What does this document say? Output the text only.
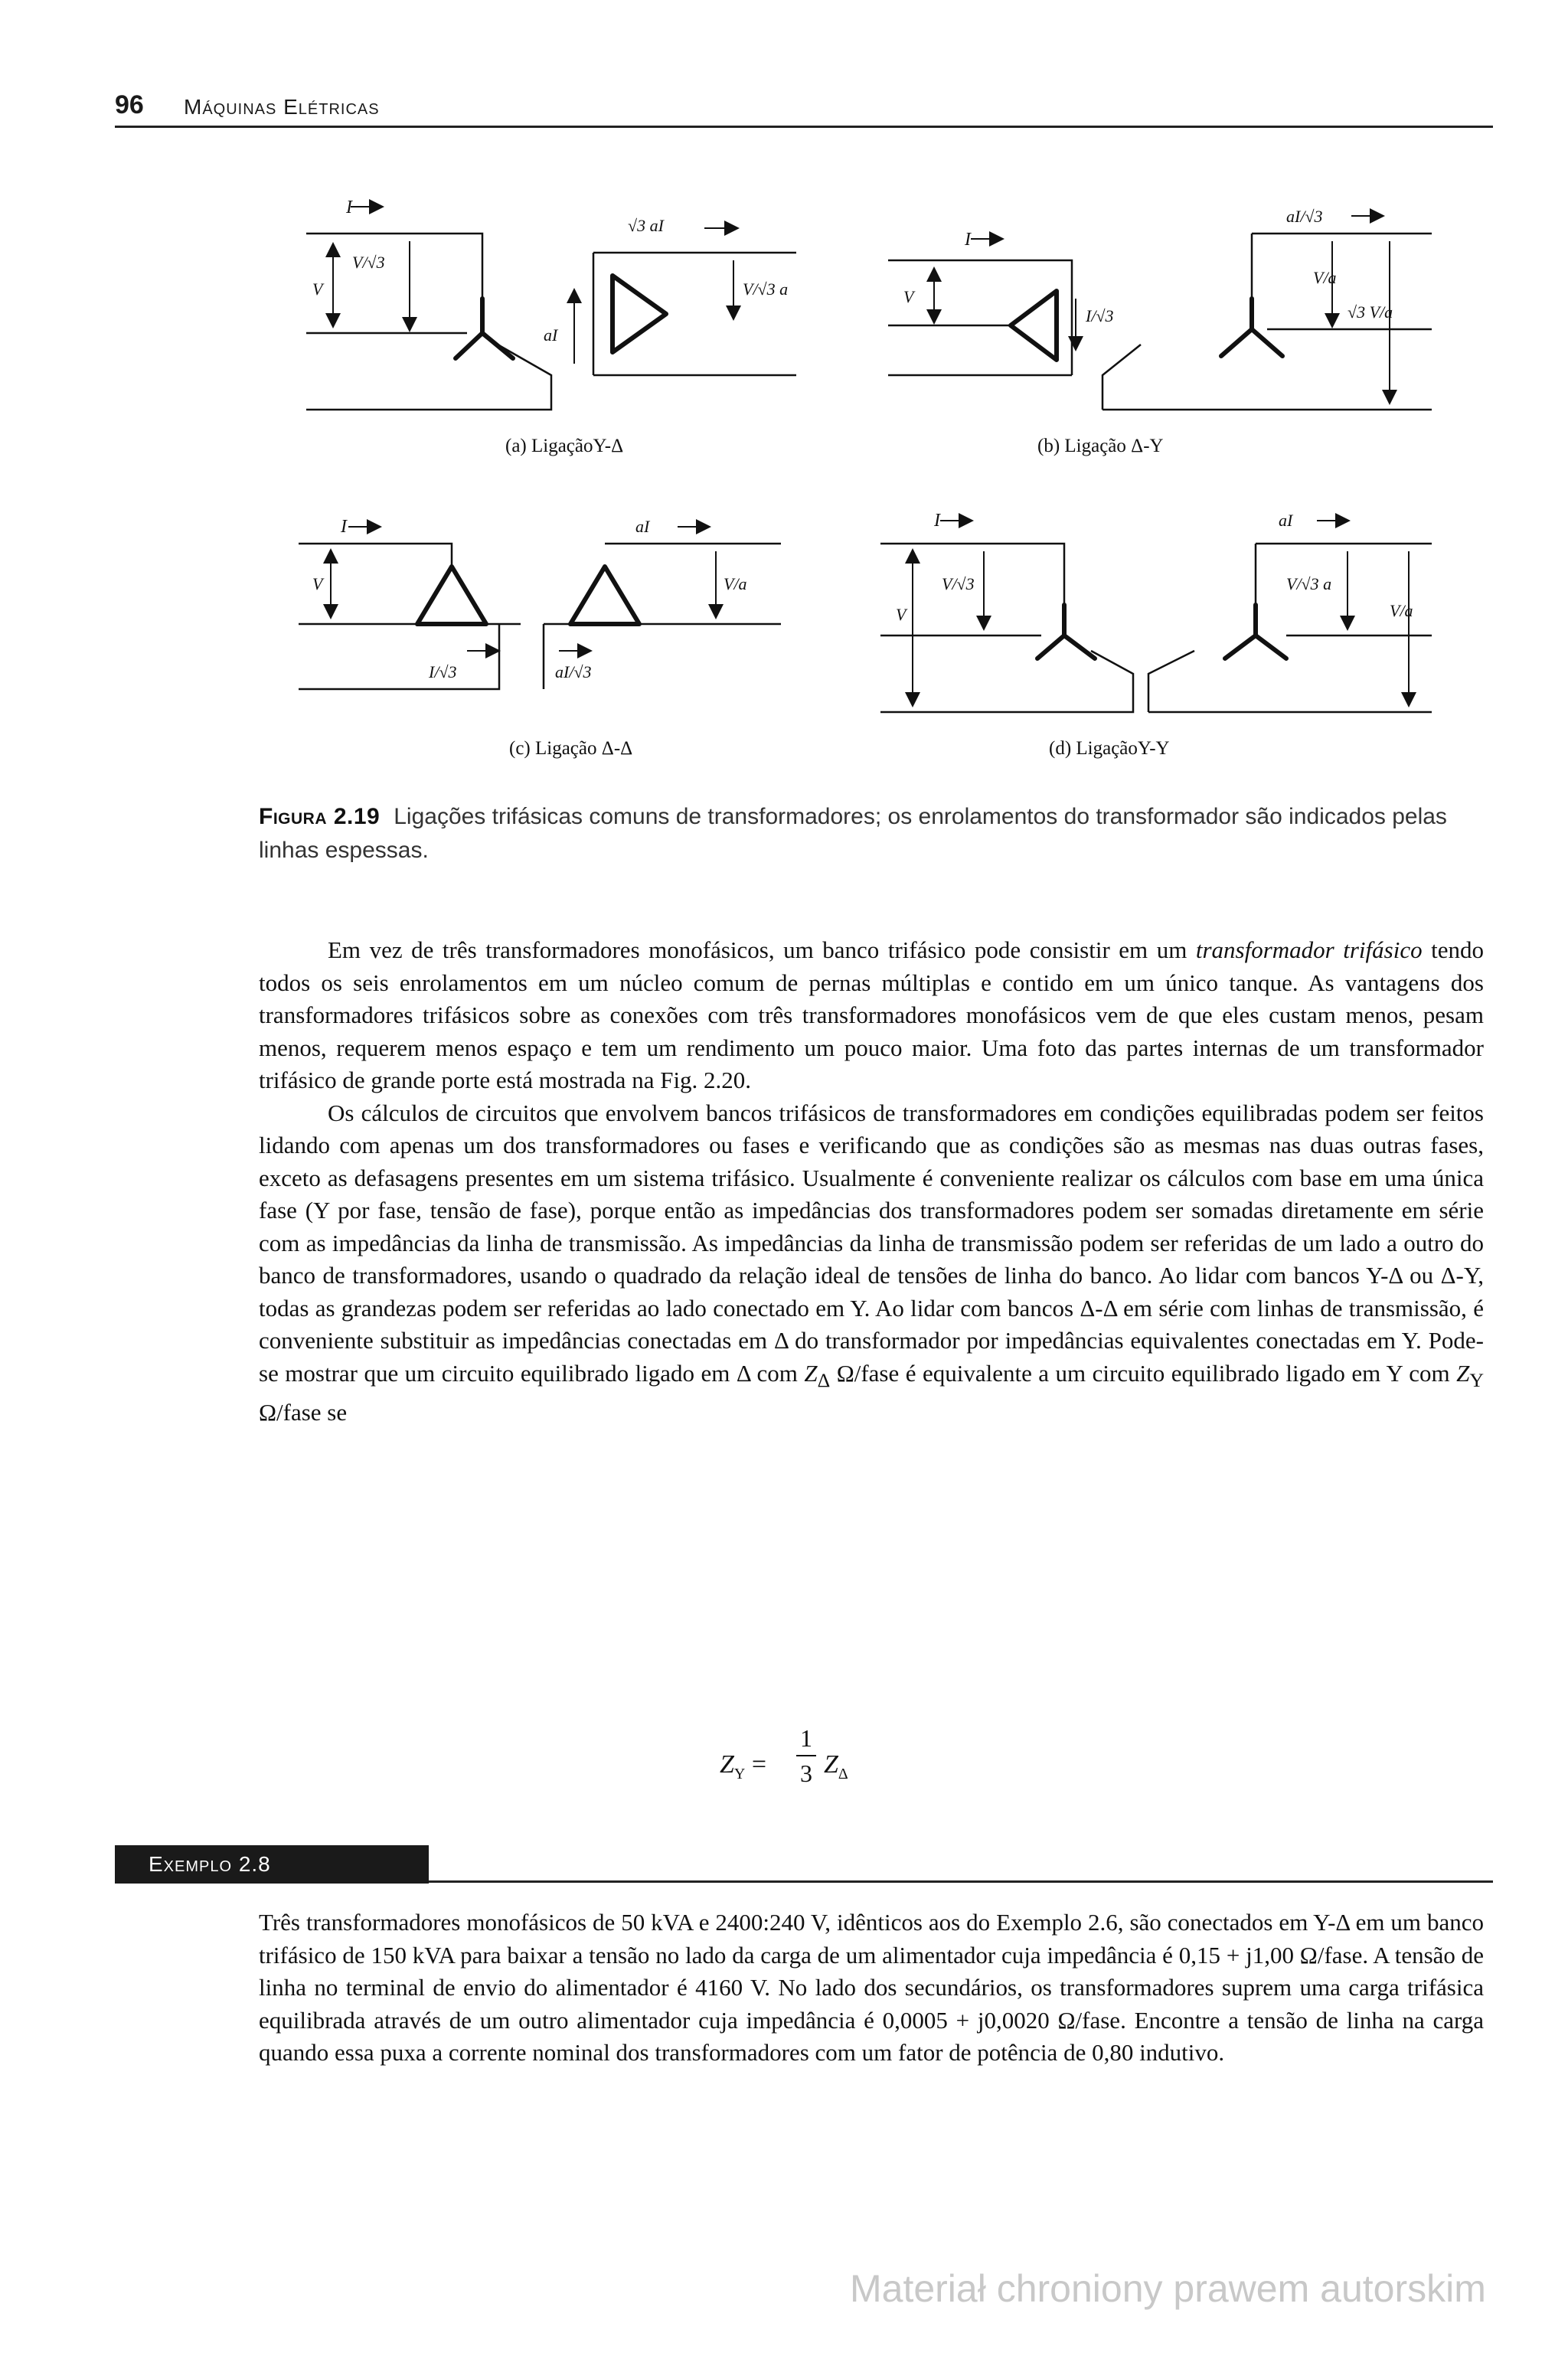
96 Máquinas Elétricas
I
V
V/√3
aI
√3 aI
V/√3 a
(a) LigaçãoY-Δ
I
V
I/√3
aI/√3
V/a
√3 V/a
(b) Ligação Δ-Y
I
V
I/√3
aI
V/a
aI/√3
(c) Ligação Δ-Δ
I
V
V/√3
aI
V/√3 a
V/a
(d) LigaçãoY-Y
Figura 2.19 Ligações trifásicas comuns de transformadores; os enrolamentos do transformador são indicados pelas linhas espessas.

Em vez de três transformadores monofásicos, um banco trifásico pode consistir em um transformador trifásico tendo todos os seis enrolamentos em um núcleo comum de pernas múltiplas e contido em um único tanque. As vantagens dos transformadores trifásicos sobre as conexões com três transformadores monofásicos vem de que eles custam menos, pesam menos, requerem menos espaço e tem um rendimento um pouco maior. Uma foto das partes internas de um transformador trifásico de grande porte está mostrada na Fig. 2.20.

Os cálculos de circuitos que envolvem bancos trifásicos de transformadores em condições equilibradas podem ser feitos lidando com apenas um dos transformadores ou fases e verificando que as condições são as mesmas nas duas outras fases, exceto as defasagens presentes em um sistema trifásico. Usualmente é conveniente realizar os cálculos com base em uma única fase (Y por fase, tensão de fase), porque então as impedâncias dos transformadores podem ser somadas diretamente em série com as impedâncias da linha de transmissão. As impedâncias da linha de transmissão podem ser referidas de um lado a outro do banco de transformadores, usando o quadrado da relação ideal de tensões de linha do banco. Ao lidar com bancos Y-Δ ou Δ-Y, todas as grandezas podem ser referidas ao lado conectado em Y. Ao lidar com bancos Δ-Δ em série com linhas de transmissão, é conveniente substituir as impedâncias conectadas em Δ do transformador por impedâncias equivalentes conectadas em Y. Pode-se mostrar que um circuito equilibrado ligado em Δ com $Z_\Delta$ Ω/fase é equivalente a um circuito equilibrado ligado em Y com $Z_Y$ Ω/fase se

$Z_Y$ =
1
3 $Z_\Delta$
Exemplo 2.8

Três transformadores monofásicos de 50 kVA e 2400:240 V, idênticos aos do Exemplo 2.6, são conectados em Y-Δ em um banco trifásico de 150 kVA para baixar a tensão no lado da carga de um alimentador cuja impedância é 0,15 + j1,00 Ω/fase. A tensão de linha no terminal de envio do alimentador é 4160 V. No lado dos secundários, os transformadores suprem uma carga trifásica equilibrada através de um outro alimentador cuja impedância é 0,0005 + j0,0020 Ω/fase. Encontre a tensão de linha na carga quando essa puxa a corrente nominal dos transformadores com um fator de potência de 0,80 indutivo.

Materiał chroniony prawem autorskim
